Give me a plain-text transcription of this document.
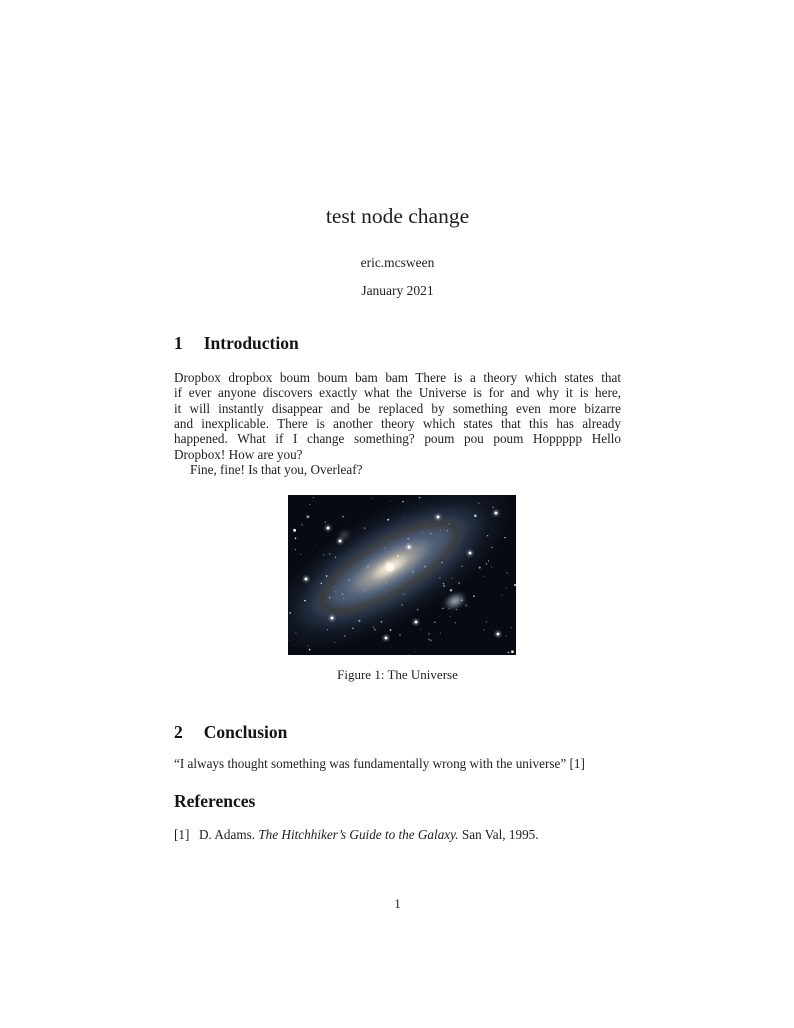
test node change
eric.mcsween
January 2021
1 Introduction
Dropbox dropbox boum boum bam bam There is a theory which states that
if ever anyone discovers exactly what the Universe is for and why it is here,
it will instantly disappear and be replaced by something even more bizarre
and inexplicable. There is another theory which states that this has already
happened. What if I change something? poum pou poum Hoppppp Hello
Dropbox! How are you?
Fine, fine! Is that you, Overleaf?
Figure 1: The Universe
2 Conclusion
“I always thought something was fundamentally wrong with the universe” [1]
References
[1] D. Adams. The Hitchhiker’s Guide to the Galaxy. San Val, 1995.
1
